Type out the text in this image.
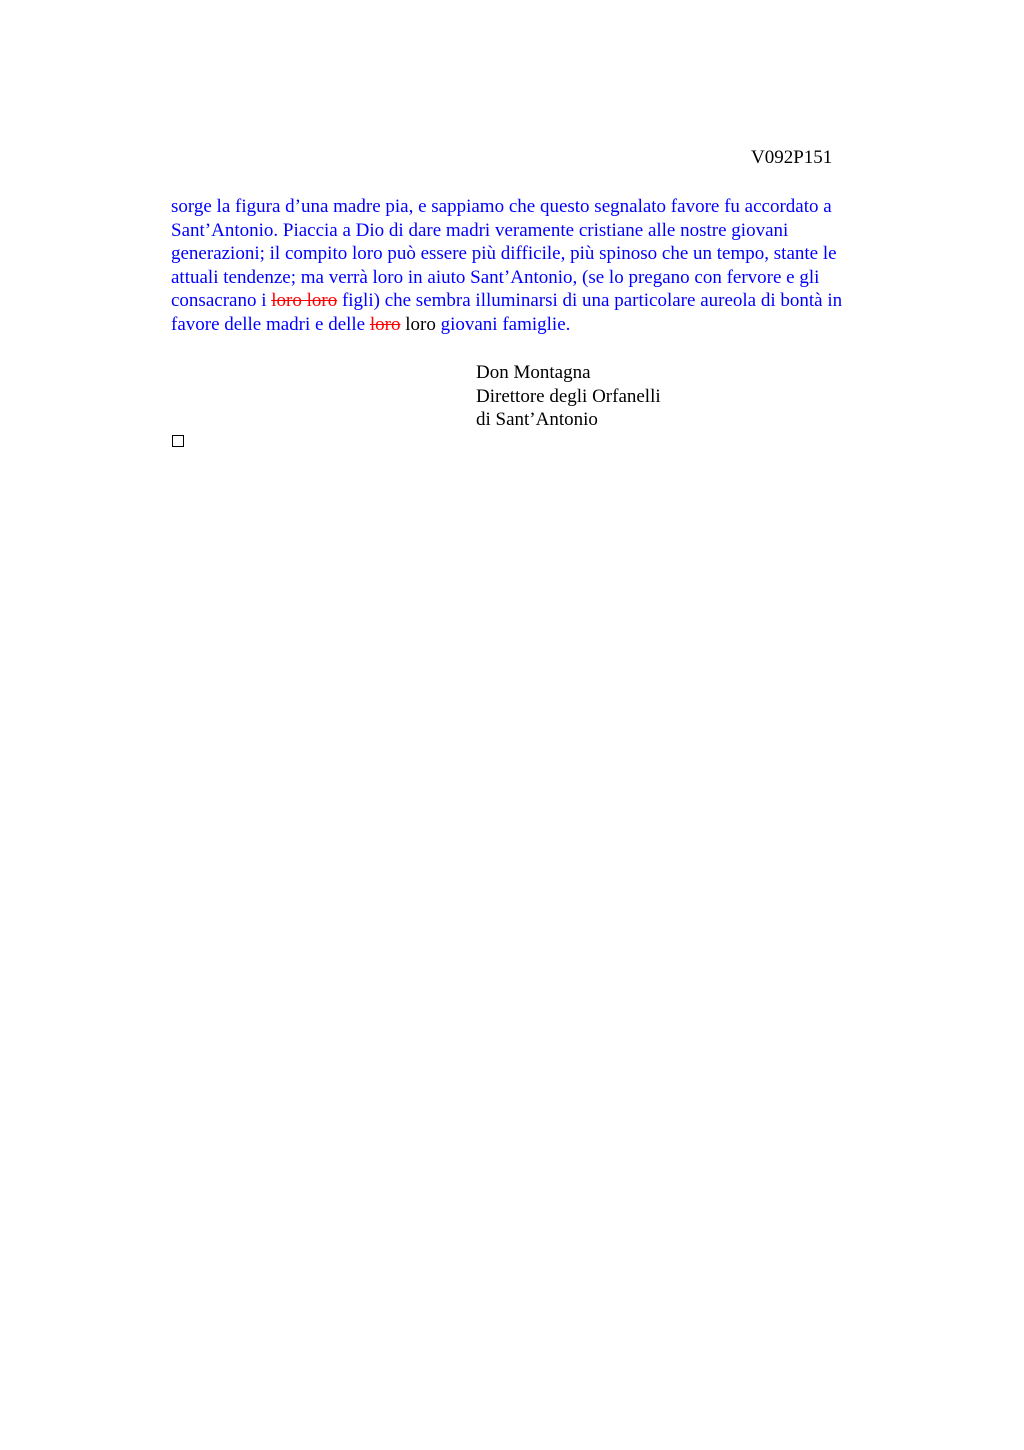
V092P151
sorge la figura d’una madre pia, e sappiamo che questo segnalato favore fu accordato a
Sant’Antonio. Piaccia a Dio di dare madri veramente cristiane alle nostre giovani
generazioni; il compito loro può essere più difficile, più spinoso che un tempo, stante le
attuali tendenze; ma verrà loro in aiuto Sant’Antonio, (se lo pregano con fervore e gli
consacrano i loro loro figli) che sembra illuminarsi di una particolare aureola di bontà in
favore delle madri e delle loro loro giovani famiglie.
Don Montagna
Direttore degli Orfanelli
di Sant’Antonio
